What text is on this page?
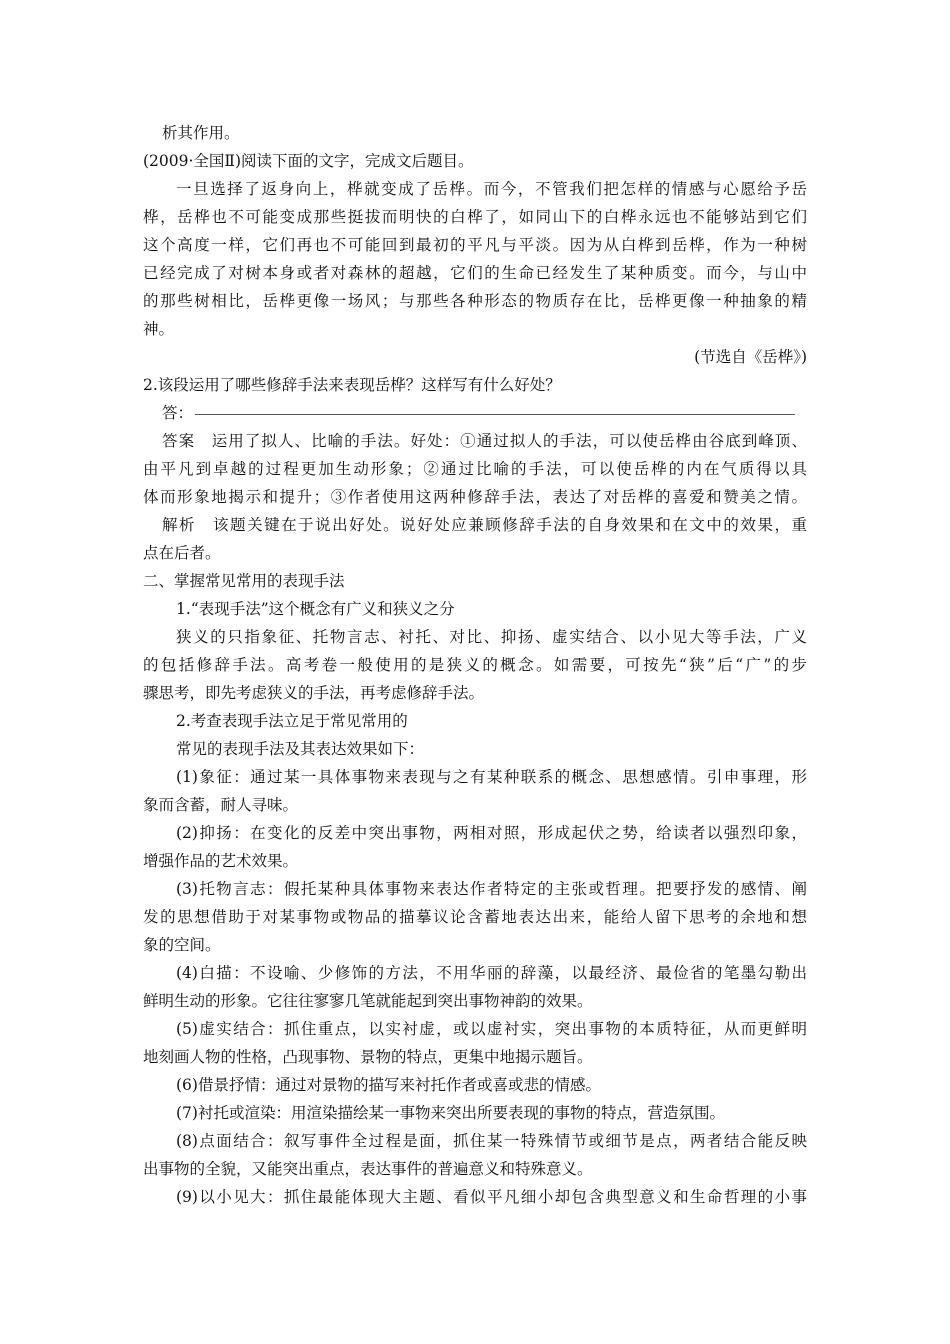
析其作用。
(2009·全国Ⅱ)阅读下面的文字，完成文后题目。
一旦选择了返身向上，桦就变成了岳桦。而今，不管我们把怎样的情感与心愿给予岳
桦，岳桦也不可能变成那些挺拔而明快的白桦了，如同山下的白桦永远也不能够站到它们
这个高度一样，它们再也不可能回到最初的平凡与平淡。因为从白桦到岳桦，作为一种树
已经完成了对树本身或者对森林的超越，它们的生命已经发生了某种质变。而今，与山中
的那些树相比，岳桦更像一场风；与那些各种形态的物质存在比，岳桦更像一种抽象的精
神。
(节选自《岳桦》)
2.该段运用了哪些修辞手法来表现岳桦？这样写有什么好处？
答：
答案　运用了拟人、比喻的手法。好处：①通过拟人的手法，可以使岳桦由谷底到峰顶、
由平凡到卓越的过程更加生动形象；②通过比喻的手法，可以使岳桦的内在气质得以具
体而形象地揭示和提升；③作者使用这两种修辞手法，表达了对岳桦的喜爱和赞美之情。
解析　该题关键在于说出好处。说好处应兼顾修辞手法的自身效果和在文中的效果，重
点在后者。
二、掌握常见常用的表现手法
1.“表现手法”这个概念有广义和狭义之分
狭义的只指象征、托物言志、衬托、对比、抑扬、虚实结合、以小见大等手法，广义
的包括修辞手法。高考卷一般使用的是狭义的概念。如需要，可按先“狭”后“广”的步
骤思考，即先考虑狭义的手法，再考虑修辞手法。
2.考查表现手法立足于常见常用的
常见的表现手法及其表达效果如下：
(1)象征：通过某一具体事物来表现与之有某种联系的概念、思想感情。引申事理，形
象而含蓄，耐人寻味。
(2)抑扬：在变化的反差中突出事物，两相对照，形成起伏之势，给读者以强烈印象，
增强作品的艺术效果。
(3)托物言志：假托某种具体事物来表达作者特定的主张或哲理。把要抒发的感情、阐
发的思想借助于对某事物或物品的描摹议论含蓄地表达出来，能给人留下思考的余地和想
象的空间。
(4)白描：不设喻、少修饰的方法，不用华丽的辞藻，以最经济、最俭省的笔墨勾勒出
鲜明生动的形象。它往往寥寥几笔就能起到突出事物神韵的效果。
(5)虚实结合：抓住重点，以实衬虚，或以虚衬实，突出事物的本质特征，从而更鲜明
地刻画人物的性格，凸现事物、景物的特点，更集中地揭示题旨。
(6)借景抒情：通过对景物的描写来衬托作者或喜或悲的情感。
(7)衬托或渲染：用渲染描绘某一事物来突出所要表现的事物的特点，营造氛围。
(8)点面结合：叙写事件全过程是面，抓住某一特殊情节或细节是点，两者结合能反映
出事物的全貌，又能突出重点，表达事件的普遍意义和特殊意义。
(9)以小见大：抓住最能体现大主题、看似平凡细小却包含典型意义和生命哲理的小事
